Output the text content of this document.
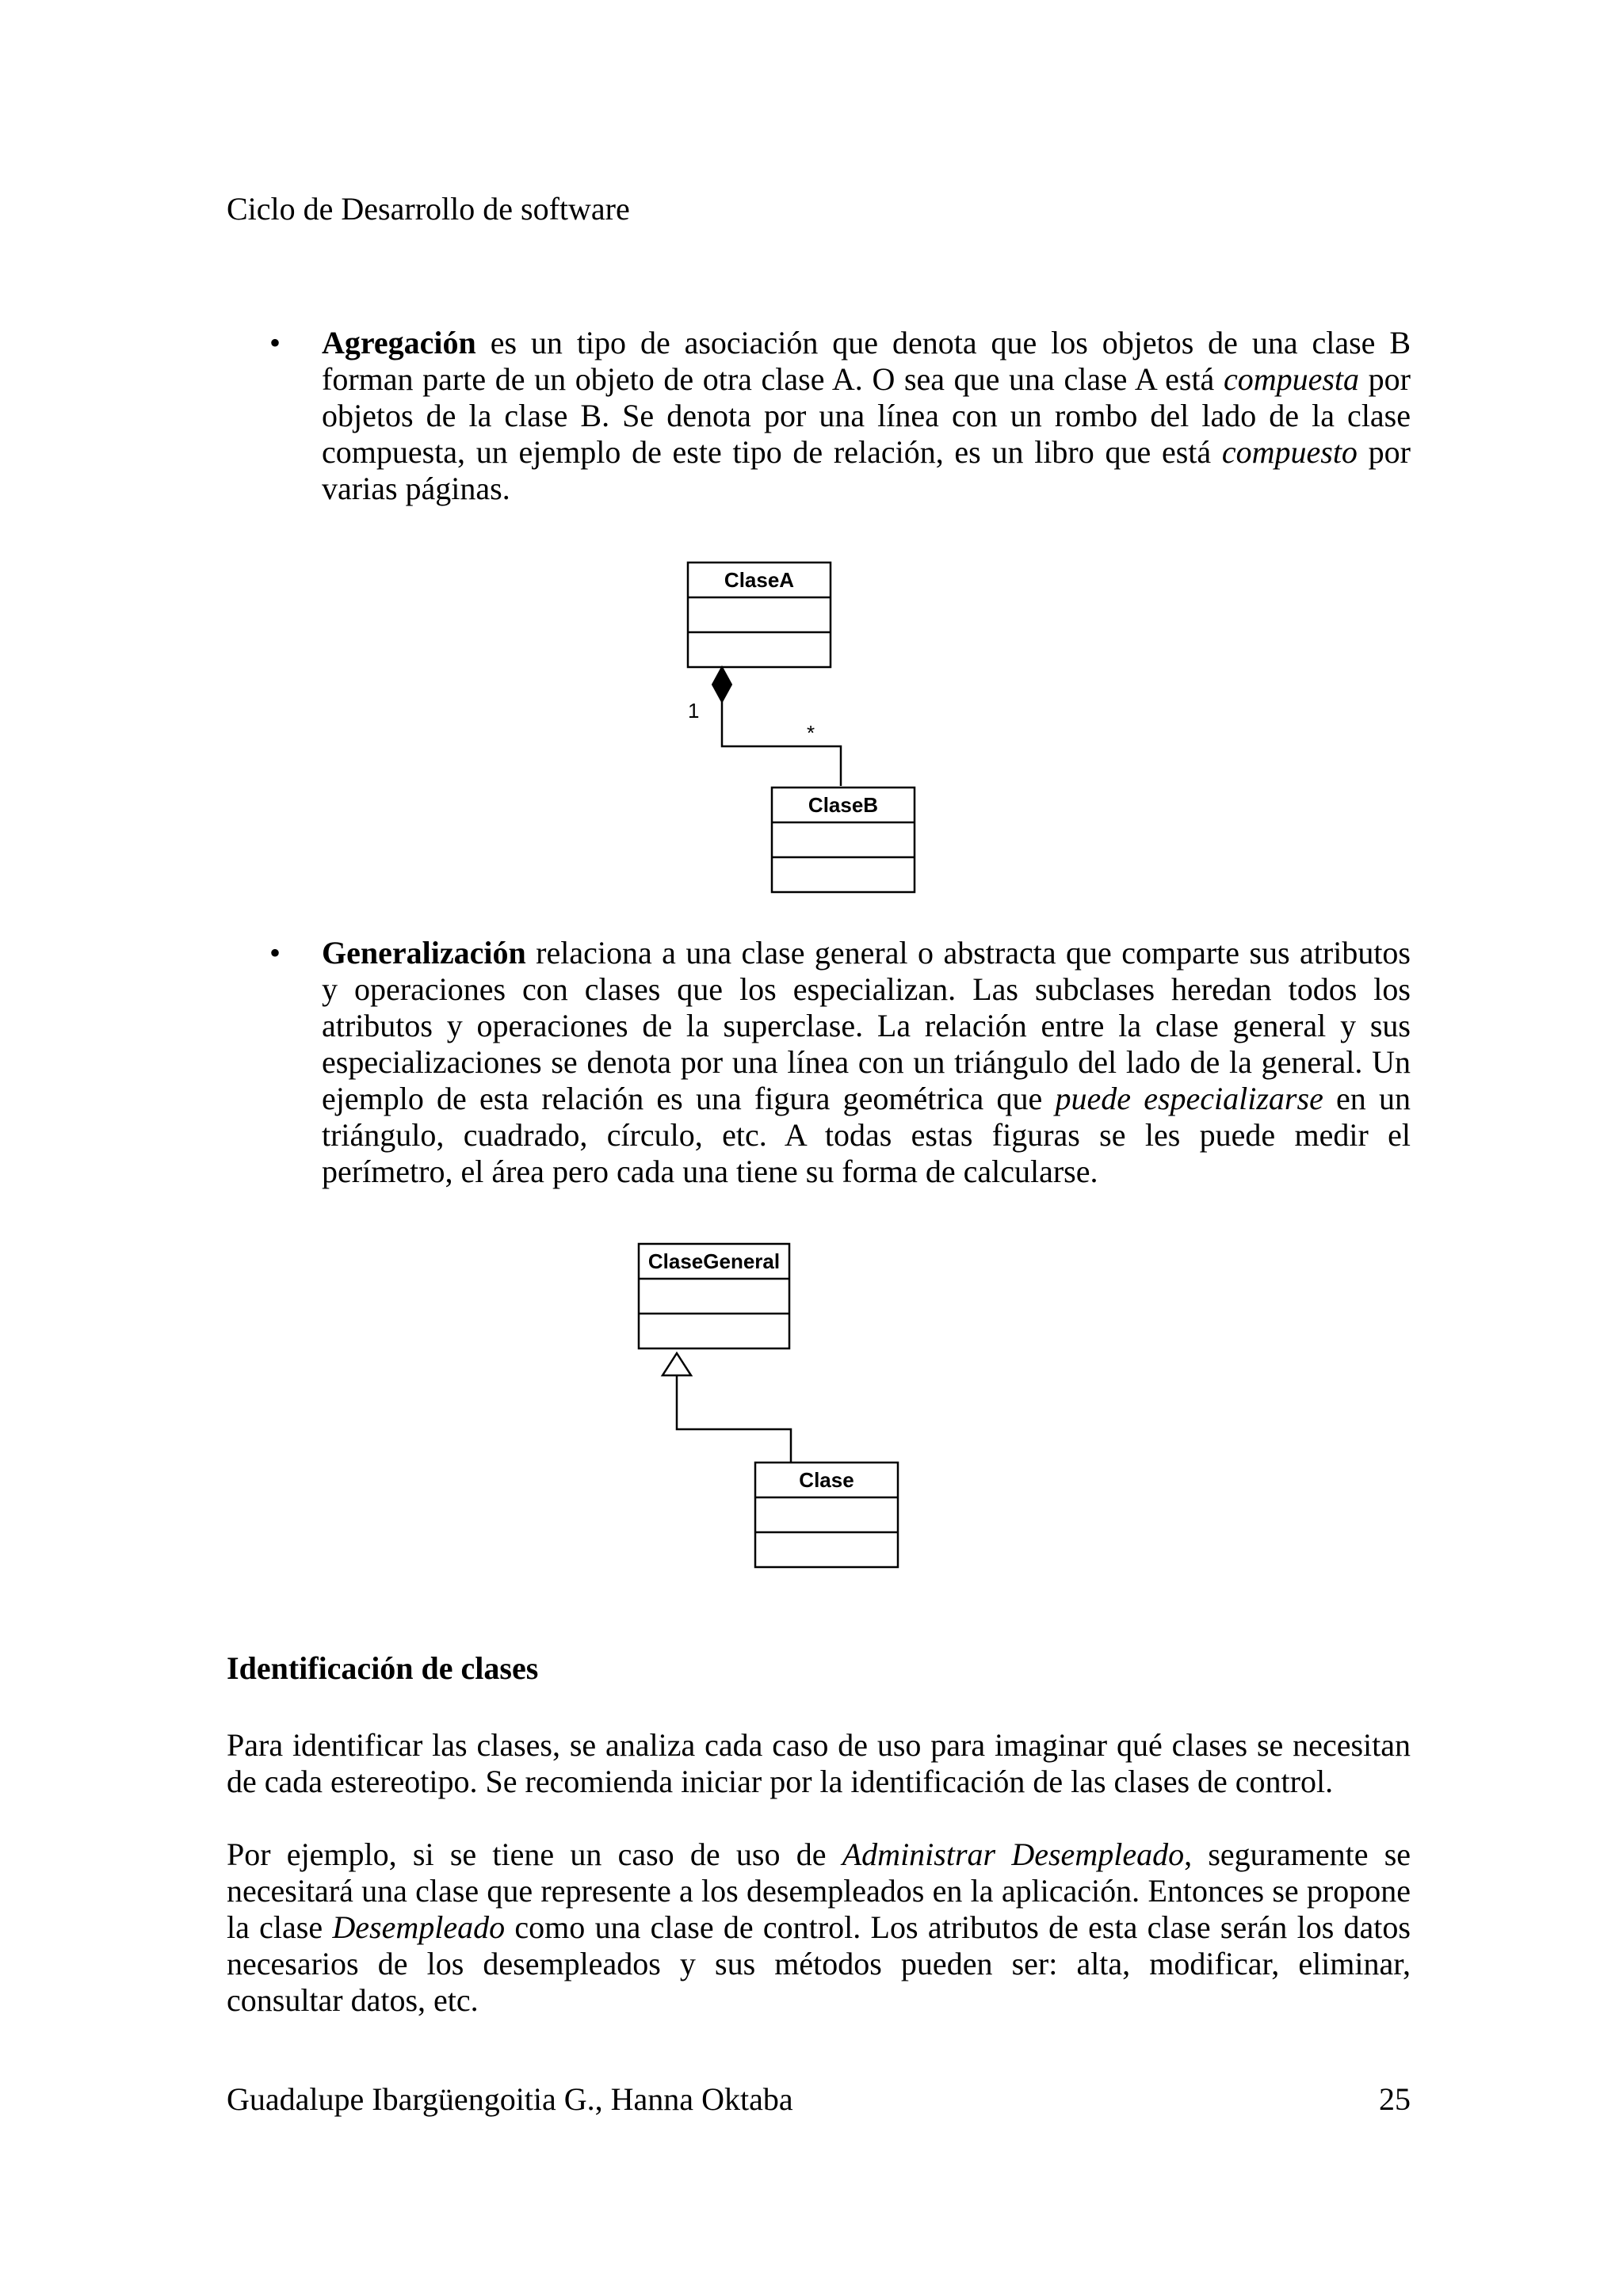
Ciclo de Desarrollo de software
• Agregación es un tipo de asociación que denota que los objetos de una clase B forman parte de un objeto de otra clase A. O sea que una clase A está compuesta por objetos de la clase B. Se denota por una línea con un rombo del lado de la clase compuesta, un ejemplo de este tipo de relación, es un libro que está compuesto por varias páginas.

ClaseA
1
*
ClaseB
• Generalización relaciona a una clase general o abstracta que comparte sus atributos y operaciones con clases que los especializan. Las subclases heredan todos los atributos y operaciones de la superclase. La relación entre la clase general y sus especializaciones se denota por una línea con un triángulo del lado de la general. Un ejemplo de esta relación es una figura geométrica que puede especializarse en un triángulo, cuadrado, círculo, etc. A todas estas figuras se les puede medir el perímetro, el área pero cada una tiene su forma de calcularse.

ClaseGeneral
Clase
Identificación de clases

Para identificar las clases, se analiza cada caso de uso para imaginar qué clases se necesitan de cada estereotipo. Se recomienda iniciar por la identificación de las clases de control.

Por ejemplo, si se tiene un caso de uso de Administrar Desempleado, seguramente se necesitará una clase que represente a los desempleados en la aplicación. Entonces se propone la clase Desempleado como una clase de control. Los atributos de esta clase serán los datos necesarios de los desempleados y sus métodos pueden ser: alta, modificar, eliminar, consultar datos, etc.

Guadalupe Ibargüengoitia G., Hanna Oktaba	25
